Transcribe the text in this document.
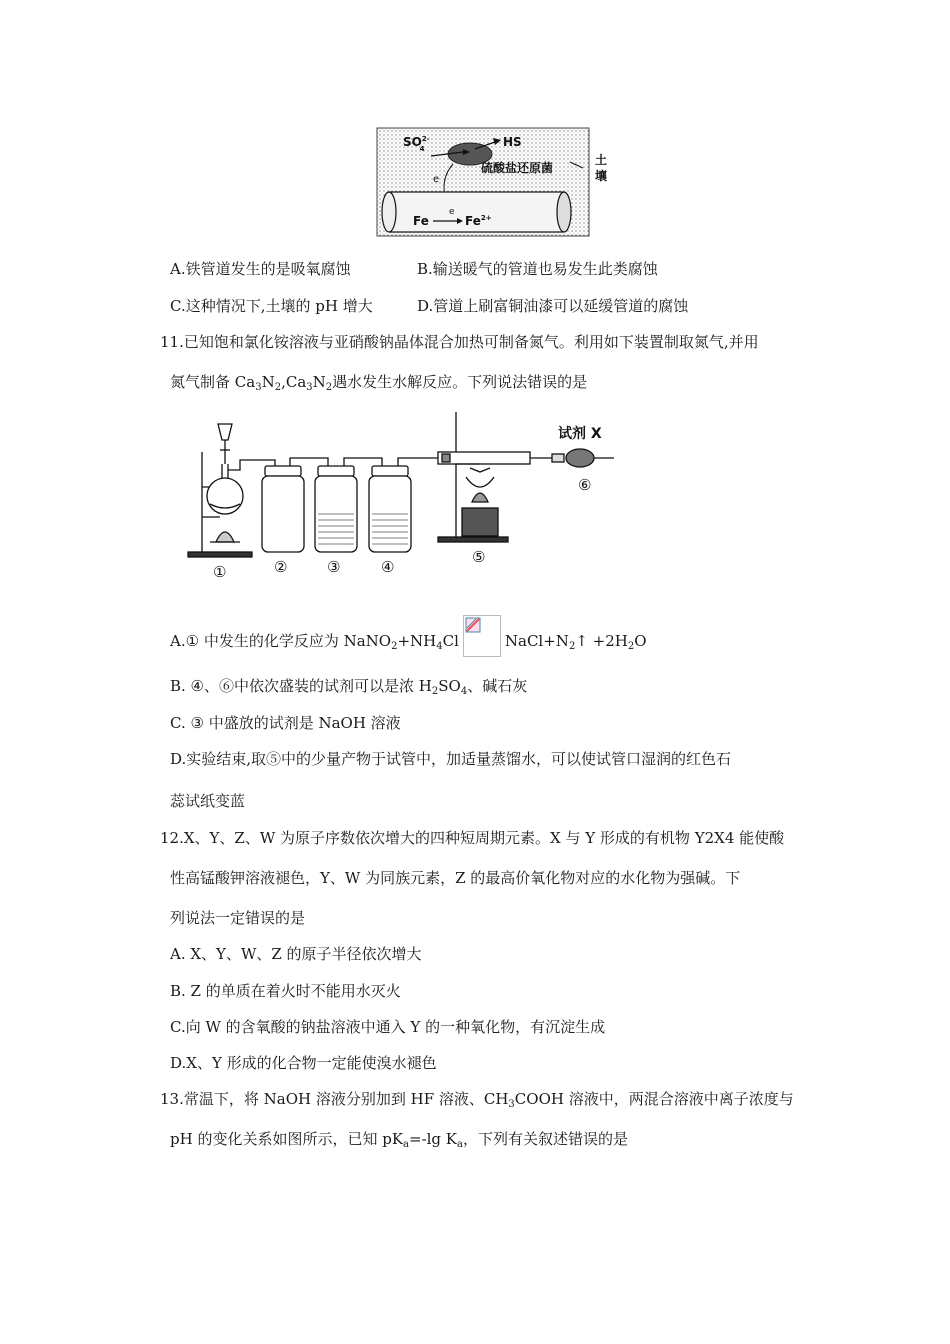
$SO^{2-}4$	HS
硫酸盐还原菌
e
Fe
e
$Fe^{2+}$
土
壤
A.铁管道发生的是吸氧腐蚀	B.输送暖气的管道也易发生此类腐蚀
C.这种情况下,土壤的 pH 增大	D.管道上刷富铜油漆可以延缓管道的腐蚀
11.已知饱和氯化铵溶液与亚硝酸钠晶体混合加热可制备氮气。利用如下装置制取氮气,并用
氮气制备 $Ca_3N_2,Ca_3N_2$遇水发生水解反应。下列说法错误的是
试剂 X
①	②	③	④
⑤
⑥
A.① 中发生的化学反应为 $NaNO_2+NH_4Cl$	$NaCl+N_2↑ +2H_2O$
B. ④、⑥中依次盛装的试剂可以是浓 $H_2SO_4$、碱石灰
C. ③ 中盛放的试剂是 NaOH 溶液
D.实验结束,取⑤中的少量产物于试管中，加适量蒸馏水，可以使试管口湿润的红色石
蕊试纸变蓝
12.X、Y、Z、W 为原子序数依次增大的四种短周期元素。X 与 Y 形成的有机物 Y2X4 能使酸
性高锰酸钾溶液褪色，Y、W 为同族元素，Z 的最高价氧化物对应的水化物为强碱。下
列说法一定错误的是
A. X、Y、W、Z 的原子半径依次增大
B. Z 的单质在着火时不能用水灭火
C.向 W 的含氧酸的钠盐溶液中通入 Y 的一种氧化物，有沉淀生成
D.X、Y 形成的化合物一定能使溴水褪色
13.常温下，将 NaOH 溶液分别加到 HF 溶液、$CH_3COOH$ 溶液中，两混合溶液中离子浓度与
pH 的变化关系如图所示，已知 $pK_a=-\lg$ $K_a$，下列有关叙述错误的是
